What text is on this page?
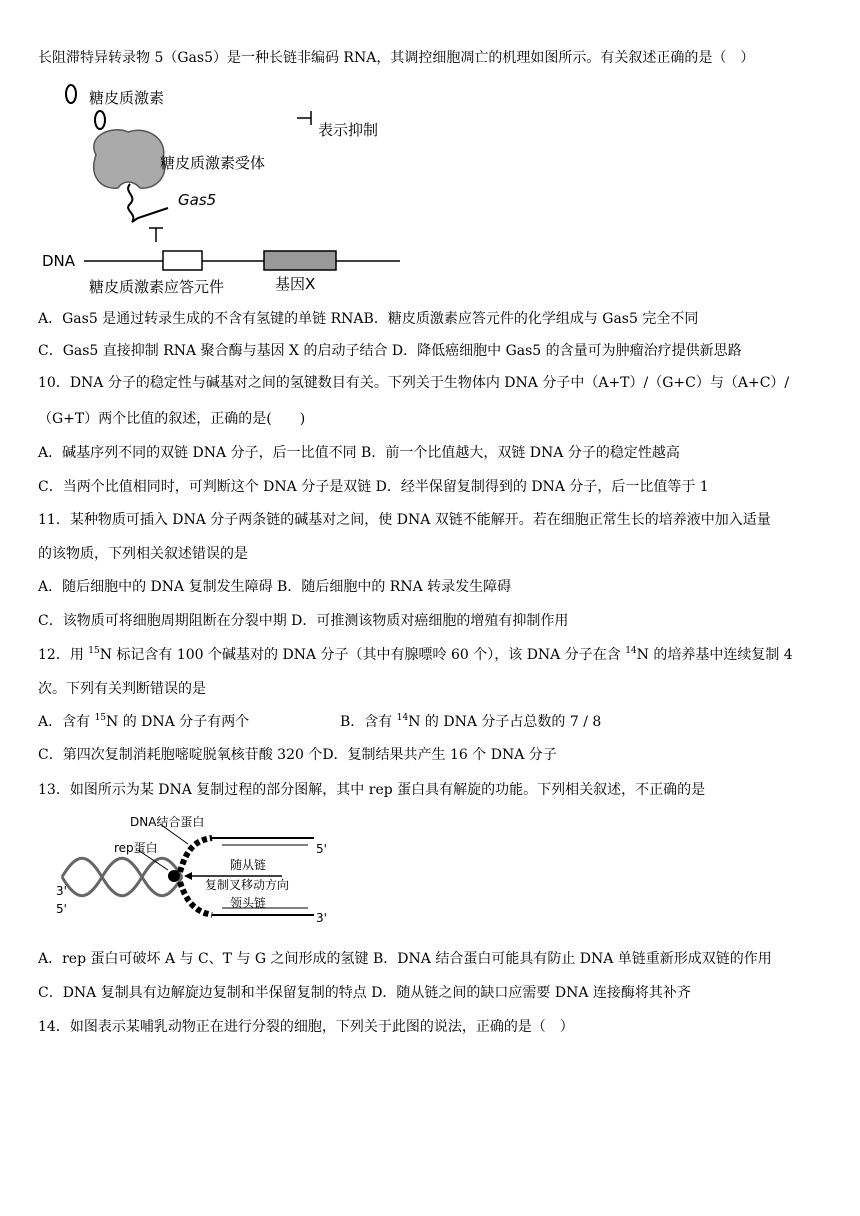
长阻滞特异转录物 5（Gas5）是一种长链非编码 RNA，其调控细胞凋亡的机理如图所示。有关叙述正确的是（　）
糖皮质激素
表示抑制
糖皮质激素受体
Gas5
DNA
糖皮质激素应答元件	基因X
A．Gas5 是通过转录生成的不含有氢键的单链 RNAB．糖皮质激素应答元件的化学组成与 Gas5 完全不同
C．Gas5 直接抑制 RNA 聚合酶与基因 X 的启动子结合 D．降低癌细胞中 Gas5 的含量可为肿瘤治疗提供新思路
10．DNA 分子的稳定性与碱基对之间的氢键数目有关。下列关于生物体内 DNA 分子中（A+T）/（G+C）与（A+C）/
（G+T）两个比值的叙述，正确的是(　　)
A．碱基序列不同的双链 DNA 分子，后一比值不同 B．前一个比值越大，双链 DNA 分子的稳定性越高
C．当两个比值相同时，可判断这个 DNA 分子是双链 D．经半保留复制得到的 DNA 分子，后一比值等于 1
11．某种物质可插入 DNA 分子两条链的碱基对之间，使 DNA 双链不能解开。若在细胞正常生长的培养液中加入适量
的该物质，下列相关叙述错误的是
A．随后细胞中的 DNA 复制发生障碍 B．随后细胞中的 RNA 转录发生障碍
C．该物质可将细胞周期阻断在分裂中期 D．可推测该物质对癌细胞的增殖有抑制作用
12．用 $^{15}$N 标记含有 100 个碱基对的 DNA 分子（其中有腺嘌呤 60 个），该 DNA 分子在含 $^{14}$N 的培养基中连续复制 4
次。下列有关判断错误的是
A．含有 $^{15}$N 的 DNA 分子有两个	B．含有 $^{14}$N 的 DNA 分子占总数的 7 / 8
C．第四次复制消耗胞嘧啶脱氧核苷酸 320 个D．复制结果共产生 16 个 DNA 分子
13．如图所示为某 DNA 复制过程的部分图解，其中 rep 蛋白具有解旋的功能。下列相关叙述，不正确的是
DNA结合蛋白
rep蛋白
随从链
复制叉移动方向
领头链
5'
3'
3'
5'
A．rep 蛋白可破坏 A 与 C、T 与 G 之间形成的氢键 B．DNA 结合蛋白可能具有防止 DNA 单链重新形成双链的作用
C．DNA 复制具有边解旋边复制和半保留复制的特点 D．随从链之间的缺口应需要 DNA 连接酶将其补齐
14．如图表示某哺乳动物正在进行分裂的细胞，下列关于此图的说法，正确的是（　）
